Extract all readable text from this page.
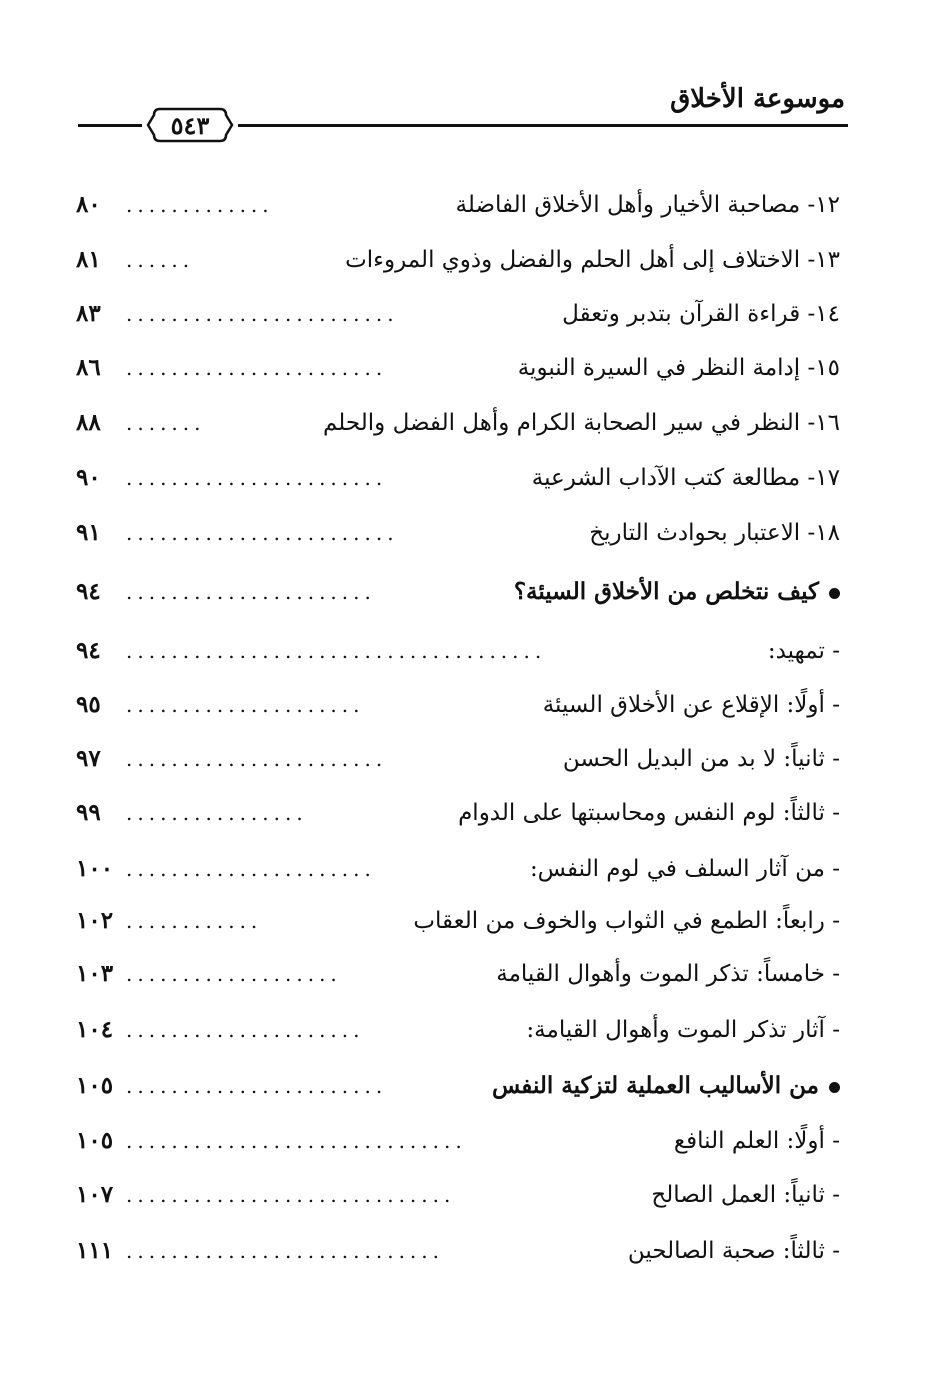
موسوعة الأخلاق
٥٤٣
١٢- مصاحبة الأخيار وأهل الأخلاق الفاضلة
.............
٨٠
١٣- الاختلاف إلى أهل الحلم والفضل وذوي المروءات
......
٨١
١٤- قراءة القرآن بتدبر وتعقل
........................
٨٣
١٥- إدامة النظر في السيرة النبوية
.......................
٨٦
١٦- النظر في سير الصحابة الكرام وأهل الفضل والحلم
.......
٨٨
١٧- مطالعة كتب الآداب الشرعية
.......................
٩٠
١٨- الاعتبار بحوادث التاريخ
........................
٩١
كيف نتخلص من الأخلاق السيئة؟
......................
٩٤
- تمهيد:
.....................................
٩٤
- أولًا: الإقلاع عن الأخلاق السيئة
.....................
٩٥
- ثانياً: لا بد من البديل الحسن
.......................
٩٧
- ثالثاً: لوم النفس ومحاسبتها على الدوام
................
٩٩
- من آثار السلف في لوم النفس:
......................
١٠٠
- رابعاً: الطمع في الثواب والخوف من العقاب
............
١٠٢
- خامساً: تذكر الموت وأهوال القيامة
...................
١٠٣
- آثار تذكر الموت وأهوال القيامة:
.....................
١٠٤
من الأساليب العملية لتزكية النفس
.......................
١٠٥
- أولًا: العلم النافع
..............................
١٠٥
- ثانياً: العمل الصالح
.............................
١٠٧
- ثالثاً: صحبة الصالحين
............................
١١١
